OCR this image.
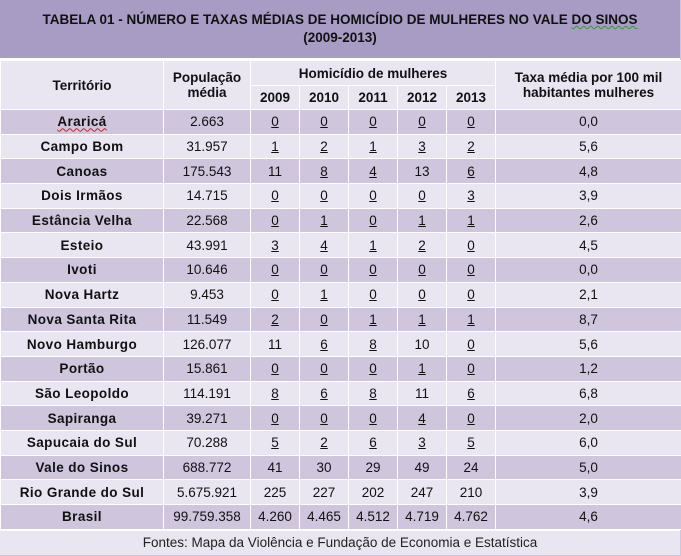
TABELA 01 - NÚMERO E TAXAS MÉDIAS DE HOMICÍDIO DE MULHERES NO VALE DO SINOS
(2009-2013)
Território	População média	Homicídio de mulheres					Taxa média por 100 mil habitantes mulheres
		2009	2010	2011	2012	2013	
Araricá	2.663	0	0	0	0	0	0,0
Campo Bom	31.957	1	2	1	3	2	5,6
Canoas	175.543	11	8	4	13	6	4,8
Dois Irmãos	14.715	0	0	0	0	3	3,9
Estância Velha	22.568	0	1	0	1	1	2,6
Esteio	43.991	3	4	1	2	0	4,5
Ivoti	10.646	0	0	0	0	0	0,0
Nova Hartz	9.453	0	1	0	0	0	2,1
Nova Santa Rita	11.549	2	0	1	1	1	8,7
Novo Hamburgo	126.077	11	6	8	10	0	5,6
Portão	15.861	0	0	0	1	0	1,2
São Leopoldo	114.191	8	6	8	11	6	6,8
Sapiranga	39.271	0	0	0	4	0	2,0
Sapucaia do Sul	70.288	5	2	6	3	5	6,0
Vale do Sinos	688.772	41	30	29	49	24	5,0
Rio Grande do Sul	5.675.921	225	227	202	247	210	3,9
Brasil	99.759.358	4.260	4.465	4.512	4.719	4.762	4,6
Fontes: Mapa da Violência e Fundação de Economia e Estatística
